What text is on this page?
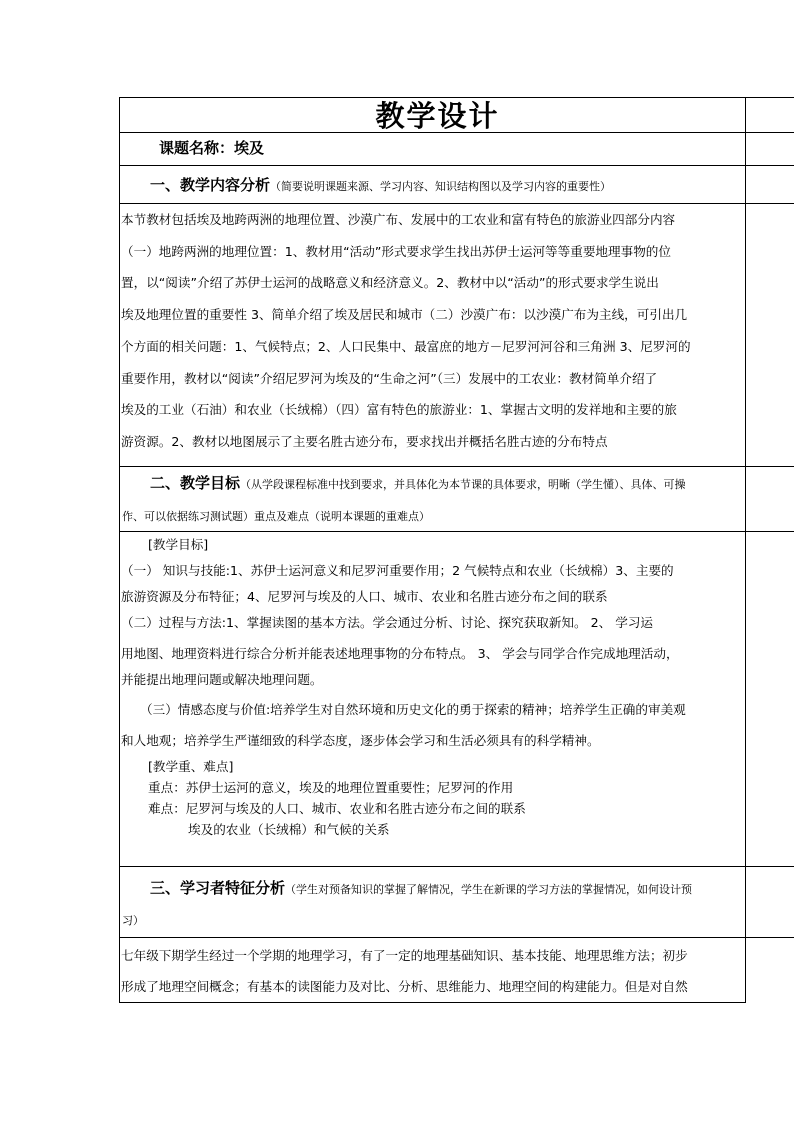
教学设计
课题名称：埃及
一、教学内容分析（简要说明课题来源、学习内容、知识结构图以及学习内容的重要性）
本节教材包括埃及地跨两洲的地理位置、沙漠广布、发展中的工农业和富有特色的旅游业四部分内容
（一）地跨两洲的地理位置：1、教材用“活动”形式要求学生找出苏伊士运河等等重要地理事物的位
置，以“阅读”介绍了苏伊士运河的战略意义和经济意义。2、教材中以“活动”的形式要求学生说出
埃及地理位置的重要性 3、简单介绍了埃及居民和城市（二）沙漠广布：以沙漠广布为主线，可引出几
个方面的相关问题：1、气候特点；2、人口民集中、最富庶的地方－尼罗河河谷和三角洲 3、尼罗河的
重要作用，教材以“阅读”介绍尼罗河为埃及的“生命之河”（三）发展中的工农业：教材简单介绍了
埃及的工业（石油）和农业（长绒棉）（四）富有特色的旅游业：1、掌握古文明的发祥地和主要的旅
游资源。2、教材以地图展示了主要名胜古迹分布，要求找出并概括名胜古迹的分布特点
二、教学目标（从学段课程标准中找到要求，并具体化为本节课的具体要求，明晰（学生懂）、具体、可操
作、可以依据练习测试题）重点及难点（说明本课题的重难点）

[教学目标]

（一） 知识与技能:1、苏伊士运河意义和尼罗河重要作用；2 气候特点和农业（长绒棉）3、主要的

旅游资源及分布特征；4、尼罗河与埃及的人口、城市、农业和名胜古迹分布之间的联系

（二）过程与方法:1、掌握读图的基本方法。学会通过分析、讨论、探究获取新知。 2、 学习运

用地图、地理资料进行综合分析并能表述地理事物的分布特点。 3、 学会与同学合作完成地理活动，

并能提出地理问题或解决地理问题。

（三）情感态度与价值:培养学生对自然环境和历史文化的勇于探索的精神；培养学生正确的审美观

和人地观；培养学生严谨细致的科学态度，逐步体会学习和生活必须具有的科学精神。

[教学重、难点]

重点：苏伊士运河的意义，埃及的地理位置重要性；尼罗河的作用

难点：尼罗河与埃及的人口、城市、农业和名胜古迹分布之间的联系

埃及的农业（长绒棉）和气候的关系

三、学习者特征分析（学生对预备知识的掌握了解情况，学生在新课的学习方法的掌握情况，如何设计预
习）
七年级下期学生经过一个学期的地理学习，有了一定的地理基础知识、基本技能、地理思维方法；初步
形成了地理空间概念；有基本的读图能力及对比、分析、思维能力、地理空间的构建能力。但是对自然
